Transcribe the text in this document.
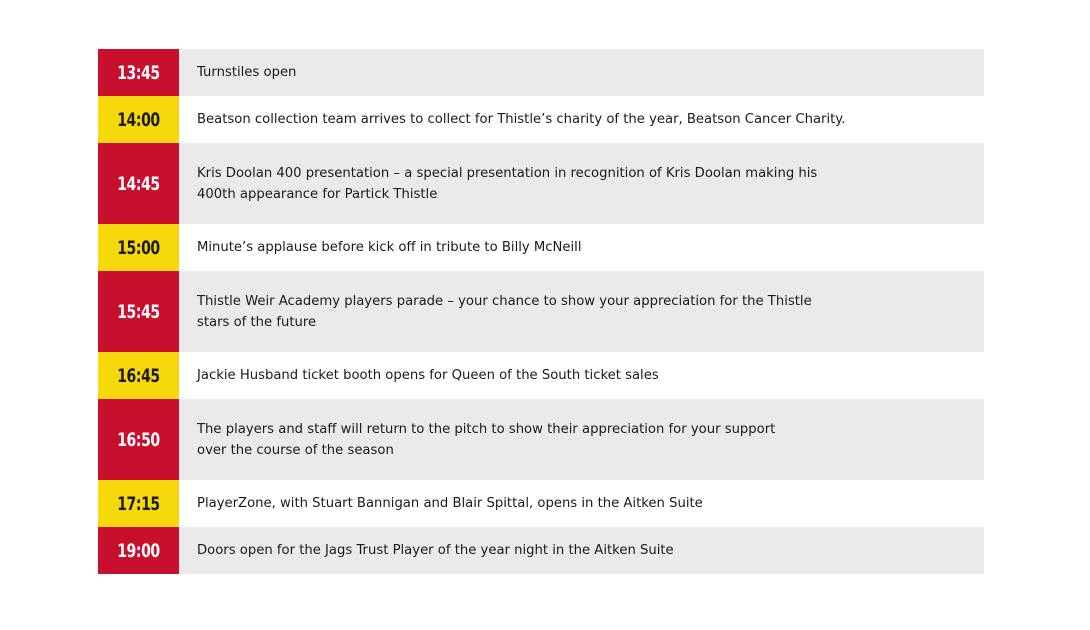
13:45	Turnstiles open
14:00	Beatson collection team arrives to collect for Thistle’s charity of the year, Beatson Cancer Charity.
14:45	Kris Doolan 400 presentation – a special presentation in recognition of Kris Doolan making his 400th appearance for Partick Thistle
15:00	Minute’s applause before kick off in tribute to Billy McNeill
15:45	Thistle Weir Academy players parade – your chance to show your appreciation for the Thistle stars of the future
16:45	Jackie Husband ticket booth opens for Queen of the South ticket sales
16:50	The players and staff will return to the pitch to show their appreciation for your support over the course of the season
17:15	PlayerZone, with Stuart Bannigan and Blair Spittal, opens in the Aitken Suite
19:00	Doors open for the Jags Trust Player of the year night in the Aitken Suite
